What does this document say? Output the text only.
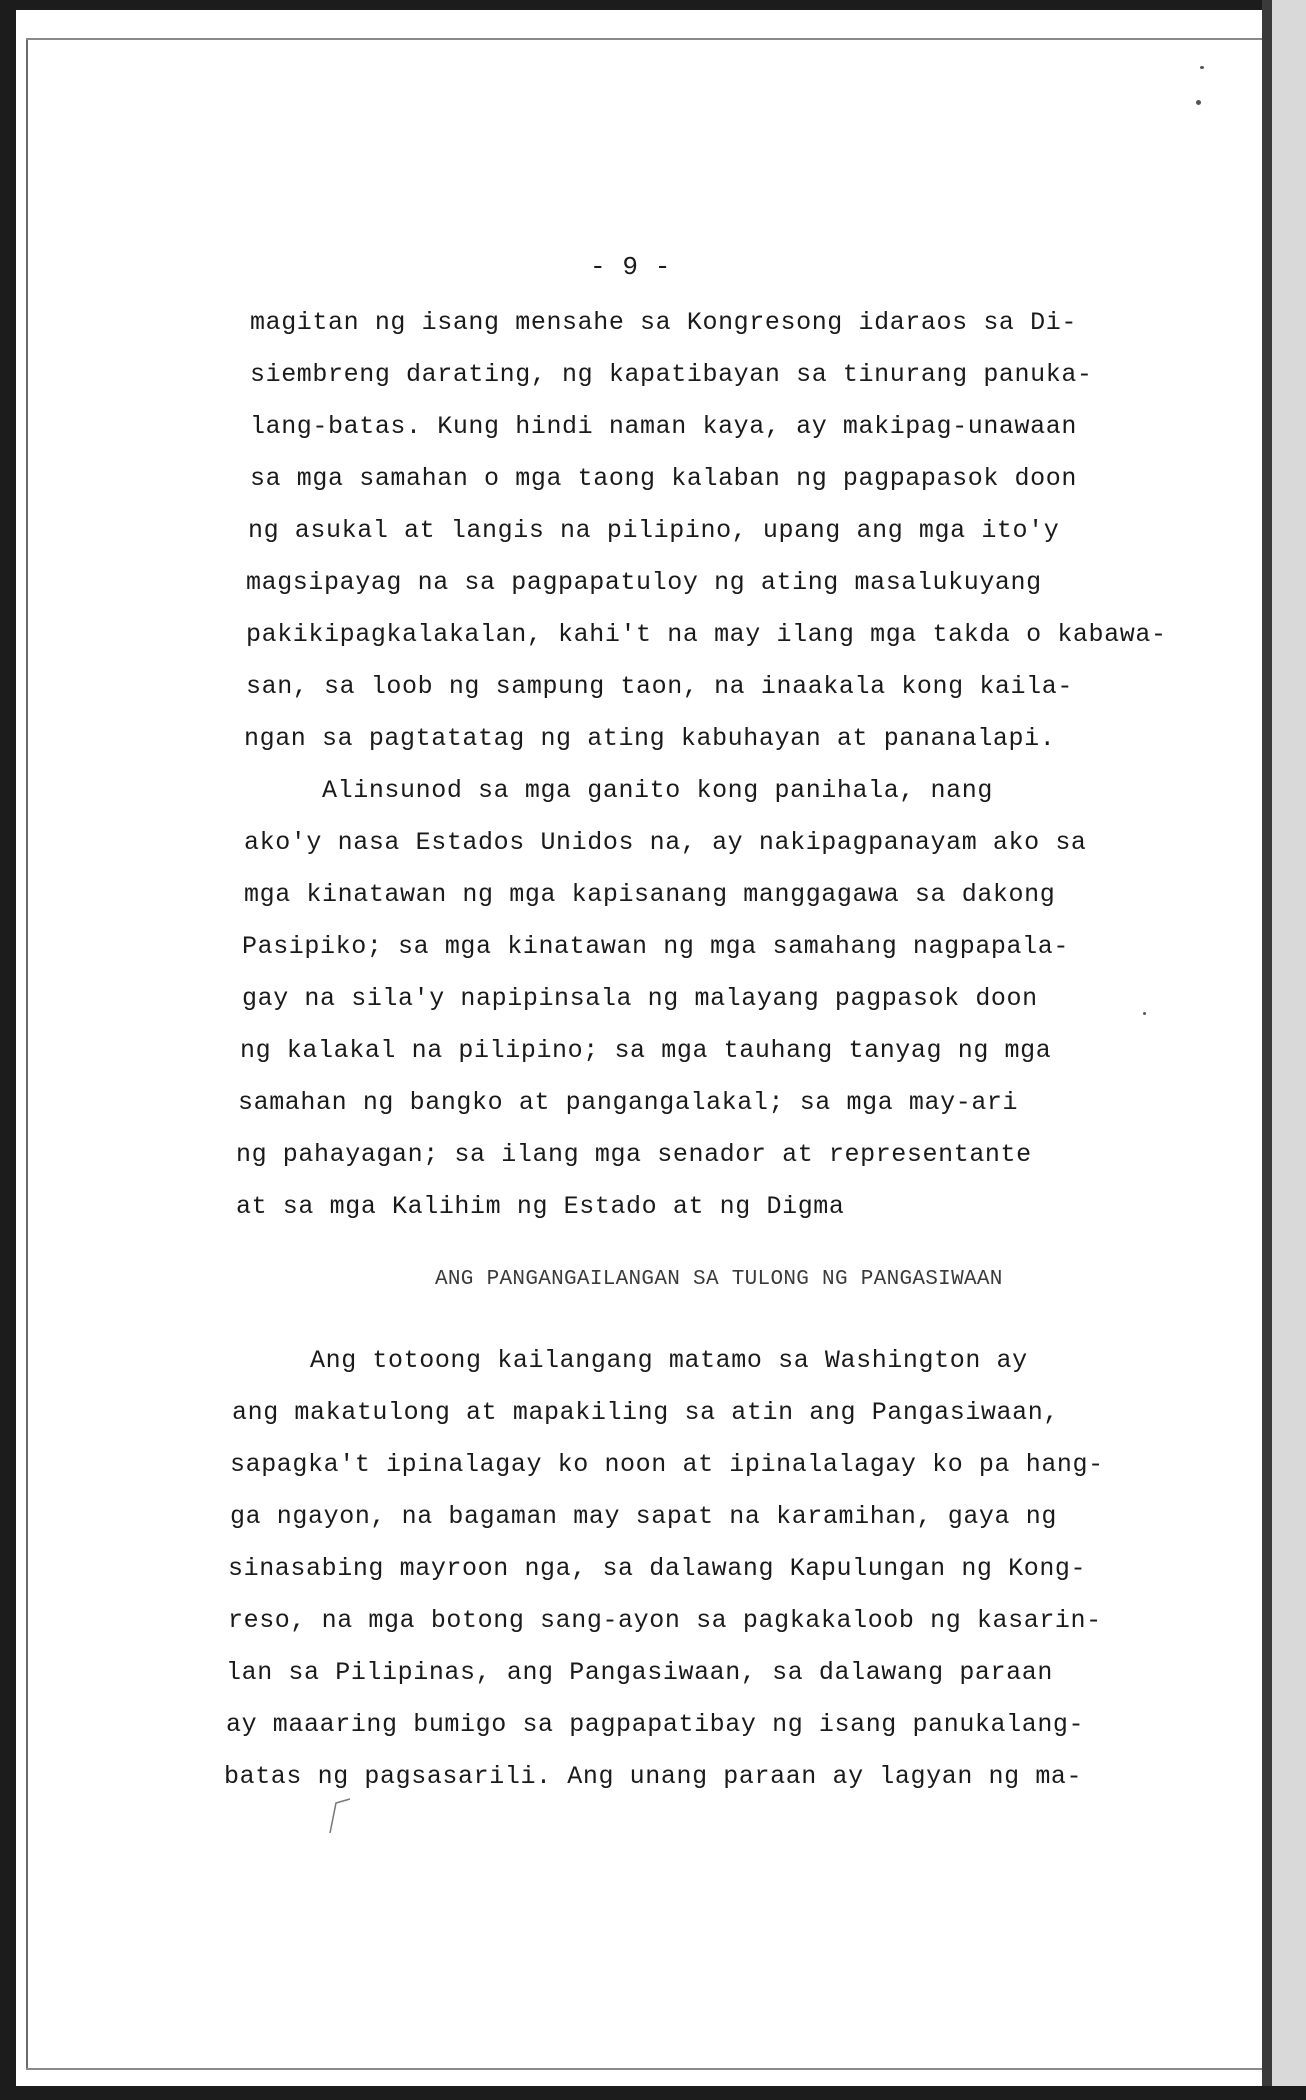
- 9 -
magitan ng isang mensahe sa Kongresong idaraos sa Di-
siembreng darating, ng kapatibayan sa tinurang panuka-
lang-batas. Kung hindi naman kaya, ay makipag-unawaan
sa mga samahan o mga taong kalaban ng pagpapasok doon
ng asukal at langis na pilipino, upang ang mga ito'y
magsipayag na sa pagpapatuloy ng ating masalukuyang
pakikipagkalakalan, kahi't na may ilang mga takda o kabawa-
san, sa loob ng sampung taon, na inaakala kong kaila-
ngan sa pagtatatag ng ating kabuhayan at pananalapi.
Alinsunod sa mga ganito kong panihala, nang
ako'y nasa Estados Unidos na, ay nakipagpanayam ako sa
mga kinatawan ng mga kapisanang manggagawa sa dakong
Pasipiko; sa mga kinatawan ng mga samahang nagpapala-
gay na sila'y napipinsala ng malayang pagpasok doon
ng kalakal na pilipino; sa mga tauhang tanyag ng mga
samahan ng bangko at pangangalakal; sa mga may-ari
ng pahayagan; sa ilang mga senador at representante
at sa mga Kalihim ng Estado at ng Digma
ANG PANGANGAILANGAN SA TULONG NG PANGASIWAAN
Ang totoong kailangang matamo sa Washington ay
ang makatulong at mapakiling sa atin ang Pangasiwaan,
sapagka't ipinalagay ko noon at ipinalalagay ko pa hang-
ga ngayon, na bagaman may sapat na karamihan, gaya ng
sinasabing mayroon nga, sa dalawang Kapulungan ng Kong-
reso, na mga botong sang-ayon sa pagkakaloob ng kasarin-
lan sa Pilipinas, ang Pangasiwaan, sa dalawang paraan
ay maaaring bumigo sa pagpapatibay ng isang panukalang-
batas ng pagsasarili. Ang unang paraan ay lagyan ng ma-
